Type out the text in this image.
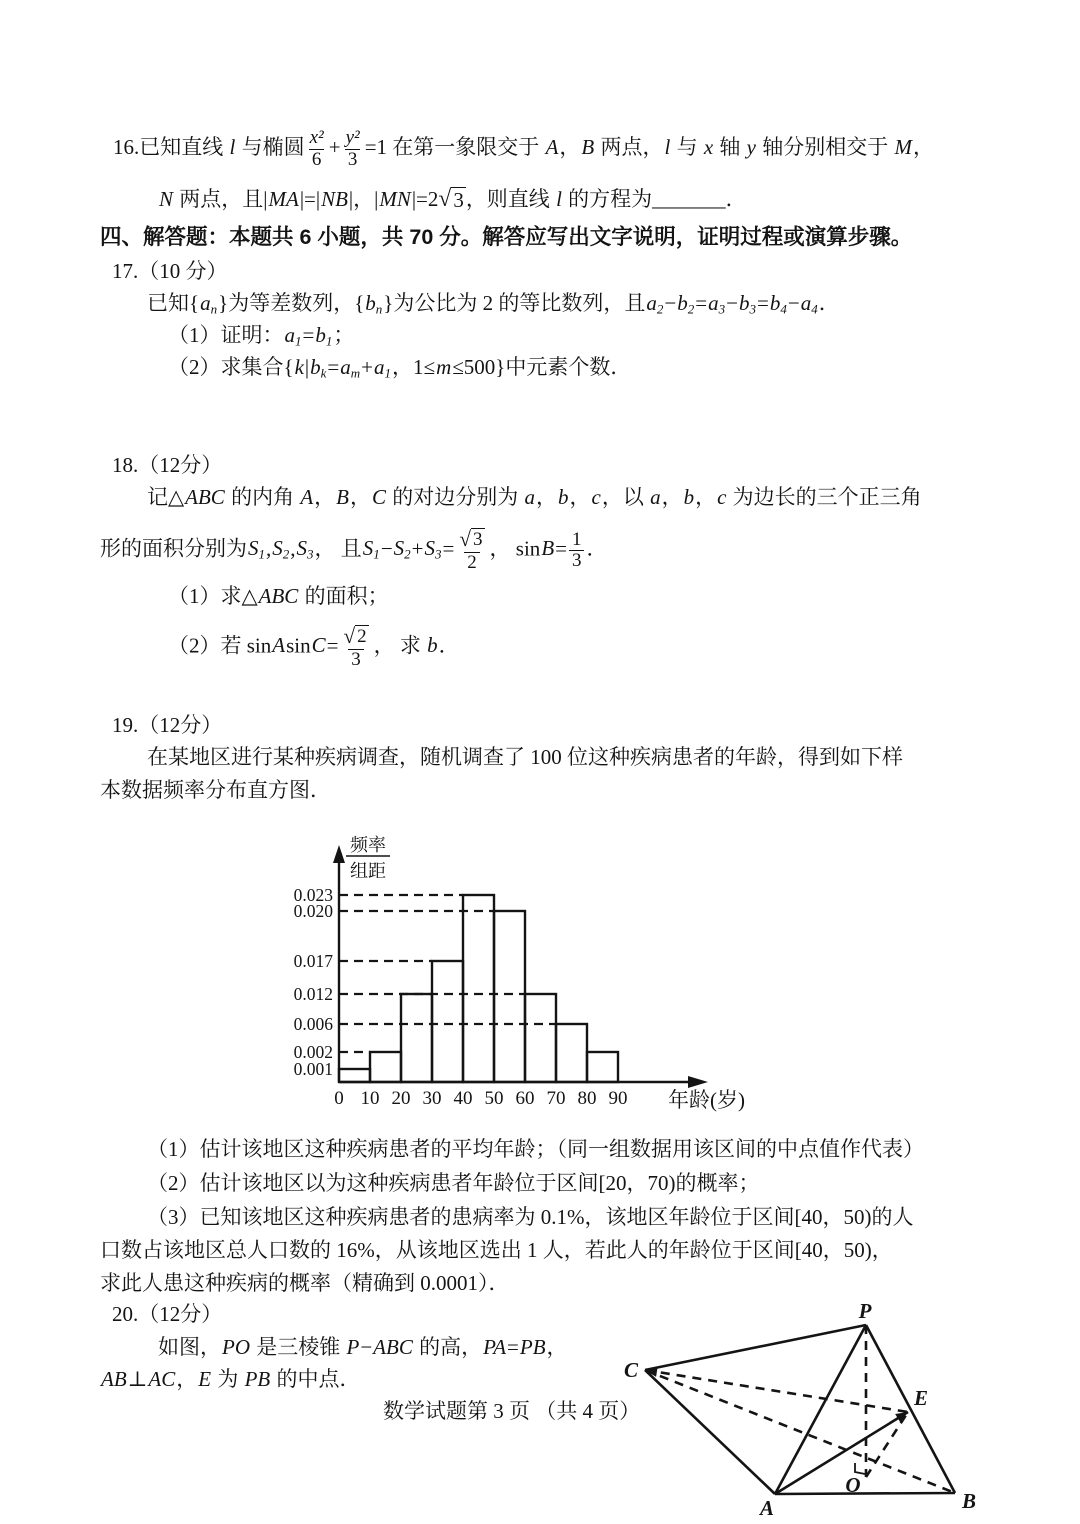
16.已知直线 l 与椭圆 $\frac{\text{x²}}{6} + \frac{\text{y²}}{3} =1$ 在第一象限交于 A，B 两点，l 与 x 轴 y 轴分别相交于 M，
N 两点，且|MA|=|NB|，|MN|=2 √ 3 ，则直线 l 的方程为_______．
四、解答题：本题共 6 小题，共 70 分。解答应写出文字说明，证明过程或演算步骤。
17.（10 分）
已知$\{a_n\}$为等差数列，$\{b_n\}$为公比为 2 的等比数列，且$a_2-b_2=a_3-b_3=b_4-a_4$．
（1）证明：$a_1=b_1$；
（2）求集合{$k|b_k=a_m+a_1$，1≤m≤500}中元素个数．
18.（12分）
记△ABC 的内角 A，B，C 的对边分别为 a，b，c，以 a，b，c 为边长的三个正三角
形的面积分别为$S_1,S_2,S_3$， 且$S_1-S_2+S_3= \frac{√ 3}{2}$ ， $\sin B= \frac{1}{3}$ ．
（1）求△ABC 的面积；
（2）若 sinAsinC= $\frac{√ 2}{3}$ ， 求 b．
19.（12分）
在某地区进行某种疾病调查，随机调查了 100 位这种疾病患者的年龄，得到如下样
本数据频率分布直方图．
0.023
0.020
0.017
0.012
0.006
0.002
0.001
0 10 20 30 40 50 60 70 80 90
频率
组距
年龄(岁)
（1）估计该地区这种疾病患者的平均年龄；（同一组数据用该区间的中点值作代表）
（2）估计该地区以为这种疾病患者年龄位于区间[20，70)的概率；
（3）已知该地区这种疾病患者的患病率为 0.1%，该地区年龄位于区间[40，50)的人
口数占该地区总人口数的 16%，从该地区选出 1 人，若此人的年龄位于区间[40，50)，
求此人患这种疾病的概率（精确到 0.0001）．
20.（12分）
如图，PO 是三棱锥 P−ABC 的高，PA=PB，
AB⊥AC，E 为 PB 的中点．
数学试题第 3 页 （共 4 页）
P
C
E
A
O
B
